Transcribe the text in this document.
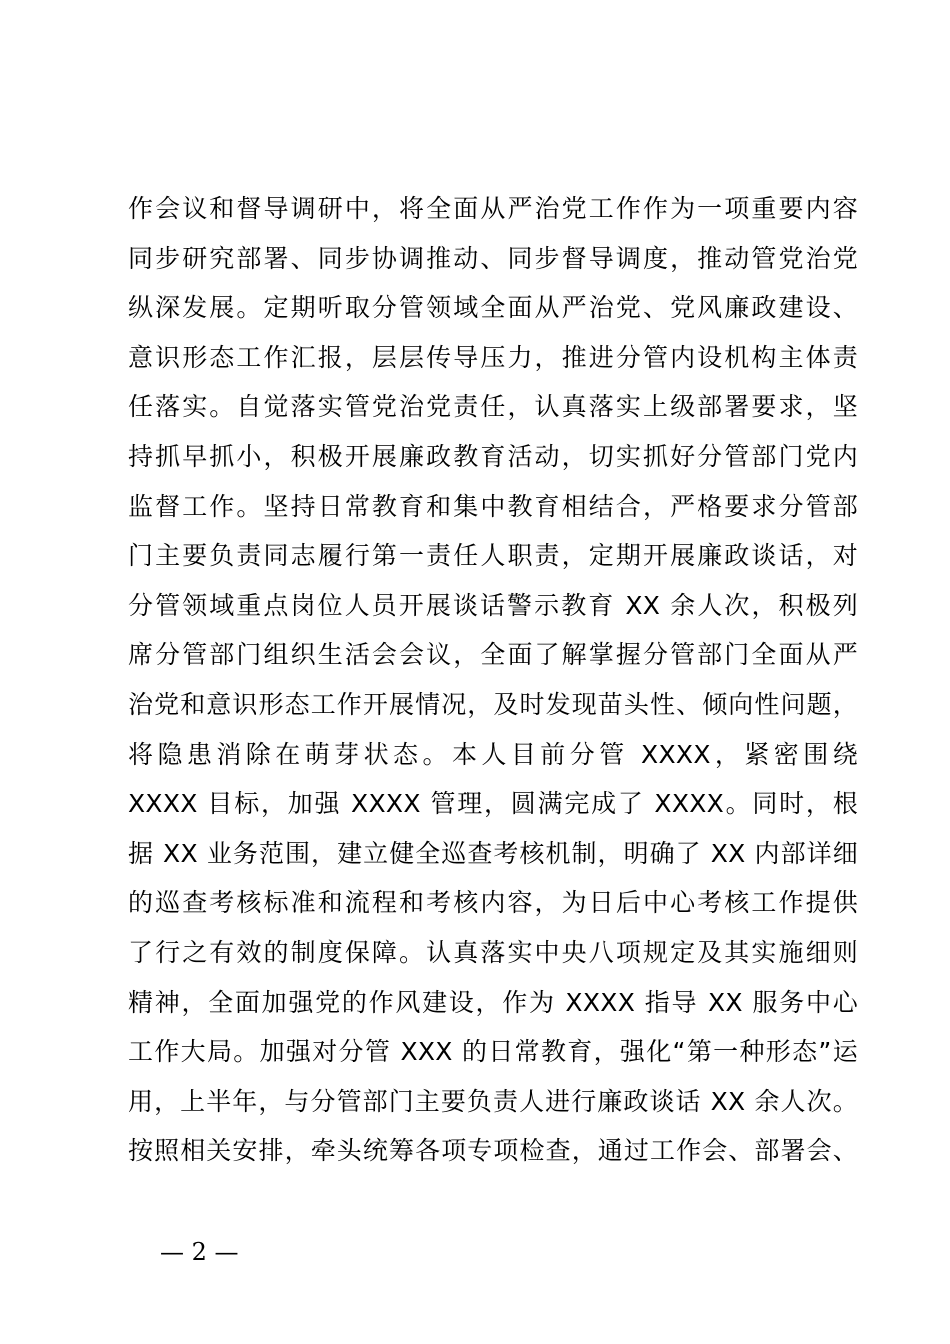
作会议和督导调研中，将全面从严治党工作作为一项重要内容
同步研究部署、同步协调推动、同步督导调度，推动管党治党
纵深发展。定期听取分管领域全面从严治党、党风廉政建设、
意识形态工作汇报，层层传导压力，推进分管内设机构主体责
任落实。自觉落实管党治党责任，认真落实上级部署要求，坚
持抓早抓小，积极开展廉政教育活动，切实抓好分管部门党内
监督工作。坚持日常教育和集中教育相结合，严格要求分管部
门主要负责同志履行第一责任人职责，定期开展廉政谈话，对
分管领域重点岗位人员开展谈话警示教育 XX 余人次，积极列
席分管部门组织生活会会议，全面了解掌握分管部门全面从严
治党和意识形态工作开展情况，及时发现苗头性、倾向性问题，
将隐患消除在萌芽状态。本人目前分管 XXXX，紧密围绕
XXXX 目标，加强 XXXX 管理，圆满完成了 XXXX。同时，根
据 XX 业务范围，建立健全巡查考核机制，明确了 XX 内部详细
的巡查考核标准和流程和考核内容，为日后中心考核工作提供
了行之有效的制度保障。认真落实中央八项规定及其实施细则
精神，全面加强党的作风建设，作为 XXXX 指导 XX 服务中心
工作大局。加强对分管 XXX 的日常教育，强化“第一种形态”运
用，上半年，与分管部门主要负责人进行廉政谈话 XX 余人次。
按照相关安排，牵头统筹各项专项检查，通过工作会、部署会、
— 2 —
